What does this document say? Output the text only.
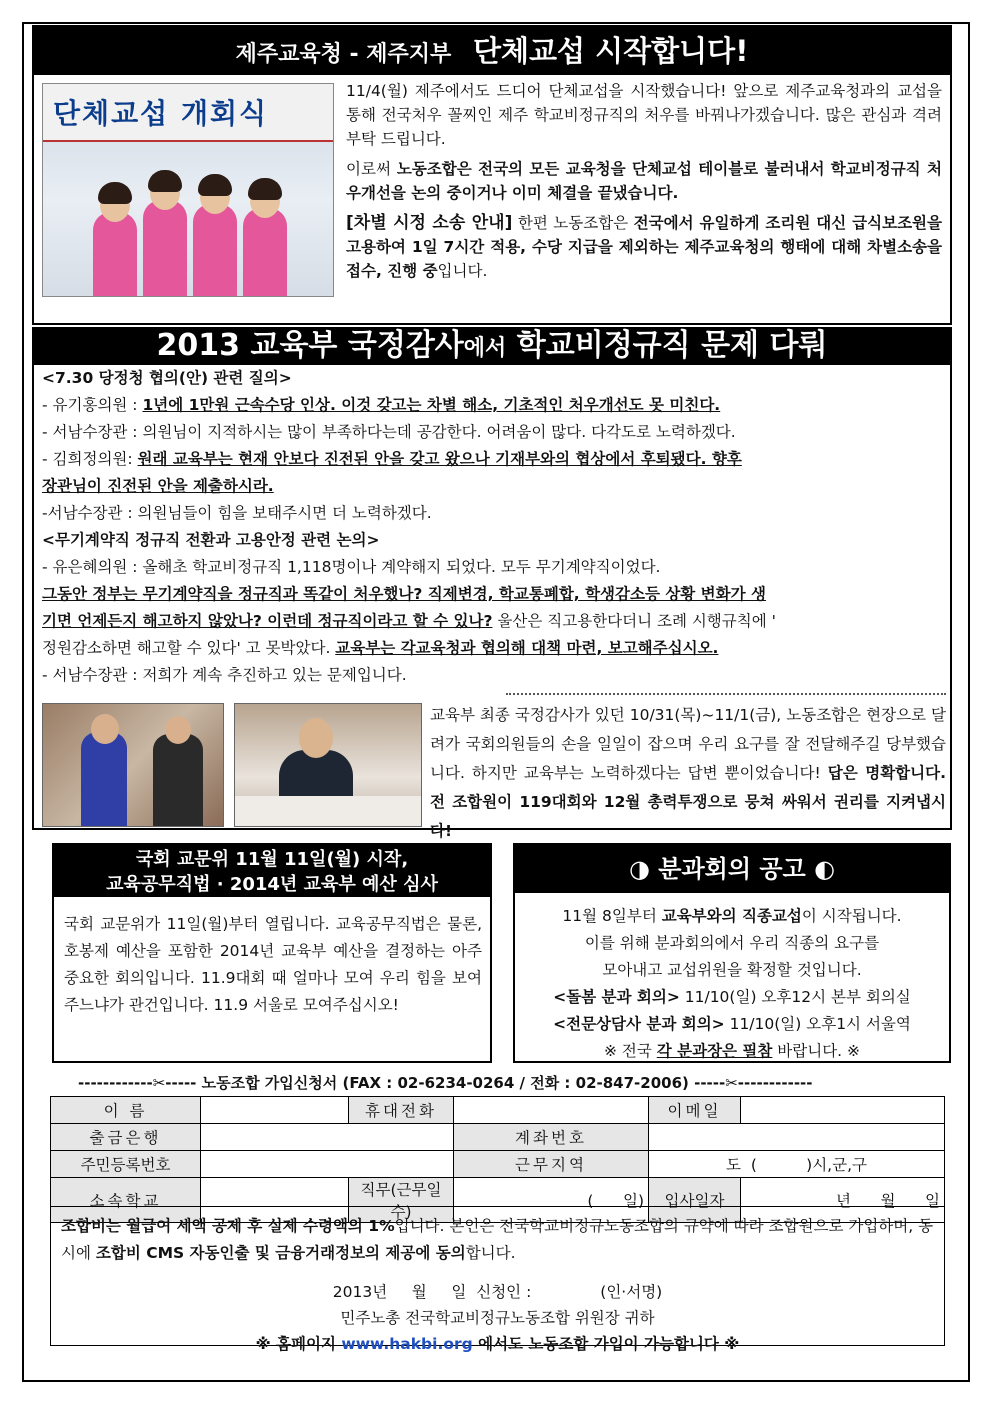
제주교육청 - 제주지부 단체교섭 시작합니다!
단체교섭 개회식

11/4(월) 제주에서도 드디어 단체교섭을 시작했습니다! 앞으로 제주교육청과의 교섭을 통해 전국처우 꼴찌인 제주 학교비정규직의 처우를 바꿔나가겠습니다. 많은 관심과 격려 부탁 드립니다.

이로써 노동조합은 전국의 모든 교육청을 단체교섭 테이블로 불러내서 학교비정규직 처우개선을 논의 중이거나 이미 체결을 끝냈습니다.

[차별 시정 소송 안내] 한편 노동조합은 전국에서 유일하게 조리원 대신 급식보조원을 고용하여 1일 7시간 적용, 수당 지급을 제외하는 제주교육청의 행태에 대해 차별소송을 접수, 진행 중입니다.

2013 교육부 국정감사에서 학교비정규직 문제 다뤄
<7.30 당정청 협의(안) 관련 질의>
- 유기홍의원 : 1년에 1만원 근속수당 인상. 이것 갖고는 차별 해소, 기초적인 처우개선도 못 미친다.
- 서남수장관 : 의원님이 지적하시는 많이 부족하다는데 공감한다. 어려움이 많다. 다각도로 노력하겠다.
- 김희정의원: 원래 교육부는 현재 안보다 진전된 안을 갖고 왔으나 기재부와의 협상에서 후퇴됐다. 향후
장관님이 진전된 안을 제출하시라.
-서남수장관 : 의원님들이 힘을 보태주시면 더 노력하겠다.
<무기계약직 정규직 전환과 고용안정 관련 논의>
- 유은혜의원 : 올해초 학교비정규직 1,118명이나 계약해지 되었다. 모두 무기계약직이었다.
그동안 정부는 무기계약직을 정규직과 똑같이 처우했나? 직제변경, 학교통폐합, 학생감소등 상황 변화가 생
기면 언제든지 해고하지 않았나? 이런데 정규직이라고 할 수 있나? 울산은 직고용한다더니 조례 시행규칙에 '
정원감소하면 해고할 수 있다' 고 못박았다. 교육부는 각교육청과 협의해 대책 마련, 보고해주십시오.
- 서남수장관 : 저희가 계속 추진하고 있는 문제입니다.
교육부 최종 국정감사가 있던 10/31(목)~11/1(금), 노동조합은 현장으로 달려가 국회의원들의 손을 일일이 잡으며 우리 요구를 잘 전달해주길 당부했습니다. 하지만 교육부는 노력하겠다는 답변 뿐이었습니다! 답은 명확합니다. 전 조합원이 119대회와 12월 총력투쟁으로 뭉쳐 싸워서 권리를 지켜냅시다!
국회 교문위 11월 11일(월) 시작,
교육공무직법 · 2014년 교육부 예산 심사
국회 교문위가 11일(월)부터 열립니다. 교육공무직법은 물론, 호봉제 예산을 포함한 2014년 교육부 예산을 결정하는 아주 중요한 회의입니다. 11.9대회 때 얼마나 모여 우리 힘을 보여주느냐가 관건입니다. 11.9 서울로 모여주십시오!
◑ 분과회의 공고 ◐
11월 8일부터 교육부와의 직종교섭이 시작됩니다.
이를 위해 분과회의에서 우리 직종의 요구를
모아내고 교섭위원을 확정할 것입니다.
<돌봄 분과 회의> 11/10(일) 오후12시 본부 회의실
<전문상담사 분과 회의> 11/10(일) 오후1시 서울역
※ 전국 각 분과장은 필참 바랍니다. ※
------------✂----- 노동조합 가입신청서 (FAX : 02-6234-0264 / 전화 : 02-847-2006) -----✂------------
이 름		휴대전화		이메일	
출금은행			계좌번호		
주민등록번호			근무지역	도  (          )시,군,구	
소속학교		직무(근무일수)	(      일)	입사일자	년      월      일
조합비는 월급여 세액 공제 후 실제 수령액의 1%입니다. 본인은 전국학교비정규노동조합의 규약에 따라 조합원으로 가입하며, 동시에 조합비 CMS 자동인출 및 금융거래정보의 제공에 동의합니다.
2013년     월     일  신청인 :              (인·서명)
민주노총 전국학교비정규노동조합 위원장 귀하
※ 홈페이지 www.hakbi.org 에서도 노동조합 가입이 가능합니다 ※
